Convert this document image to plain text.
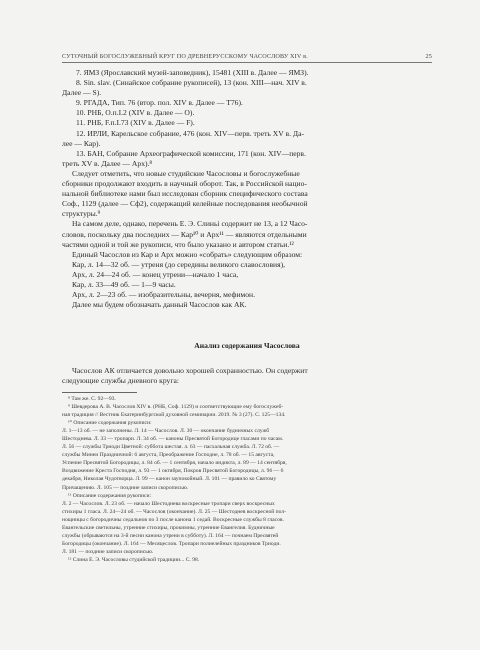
СУТОЧНЫЙ БОГОСЛУЖЕБНЫЙ КРУГ ПО ДРЕВНЕРУССКОМУ ЧАСОСЛОВУ XIV в.	25

7. ЯМЗ (Ярославский музей-заповедник), 15481 (XIII в. Далее — ЯМЗ).

8. Sin. slav. (Синайское собрание рукописей), 13 (кон. XIII—нач. XIV в.

Далее — S).

9. РГАДА, Тип. 76 (втор. пол. XIV в. Далее — Т76).

10. РНБ, О.п.I.2 (XIV в. Далее — О).

11. РНБ, F.п.I.73 (XIV в. Далее — F).

12. ИРЛИ, Карельское собрание, 476 (кон. XIV—перв. треть XV в. Да-

лее — Кар).

13. БАН, Собрание Археографической комиссии, 171 (кон. XIV—перв.

треть XV в. Далее — Арх).⁸

Следует отметить, что новые студийские Часословы и богослужебные

сборники продолжают входить в научный оборот. Так, в Российской нацио-

нальной библиотеке нами был исследован сборник специфического состава

Соф., 1129 (далее — Сф2), содержащий келейные последования необычной

структуры.⁹

На самом деле, однако, перечень Е. Э. Слиньi содержит не 13, а 12 Часо-

словов, поскольку два последних — Кар¹⁰ и Арх¹¹ — являются отдельными

частями одной и той же рукописи, что было указано и автором статьи.¹²

Единый Часослов из Кар и Арх можно «собрать» следующим образом:

Кар, л. 14—32 об. — утреня (до середины великого славословия),

Арх, л. 24—24 об. — конец утрени—начало 1 часа,

Кар, л. 33—49 об. — 1—9 часы.

Арх, л. 2—23 об. — изобразительны, вечерня, мефимон.

Далее мы будем обозначать данный Часослов как АК.

Анализ содержания Часослова

Часослов АК отличается довольно хорошей сохранностью. Он содержит

следующие службы дневного круга:

⁸ Там же. С. 92—93.

⁹ Шевдерова А. В. Часослов XIV в. (РНБ, Соф. 1129) и соответствующие ему богослужеб-

ная традиция // Вестник Екатеринбургской духовной семинарии. 2019. № 3 (27). С. 125—134.

¹⁰ Описание содержания рукописи:

Л. 1—13 об. — не заполнены. Л. 14 — Часослов. Л. 30 — окончание будничных служб

Шестоднева. Л. 33 — тропари. Л. 34 об. — каноны Пресвятой Богородице гласами по часам.

Л. 56 — службы Триоди Цветной: суббота шестая. л. 63 — пасхальная служба. Л. 72 об. —

службы Минеи Праздничной: 6 августа, Преображение Господне, л. 78 об. — 15 августа,

Успение Пресвятой Богородицы, л. 84 об. — 1 сентября, начало индикта, л. 89 — 14 сентября,

Воздвижение Креста Господня, л. 93 — 1 октября, Покров Пресвятой Богородицы, л. 96 — 6

декабря, Николая Чудотворца. Л. 99 — канон заупокойный. Л. 101 — правило ко Святому

Причащению. Л. 105 — поздние записи скорописью.

¹¹ Описание содержания рукописи:

Л. 2 — Часослов. Л. 23 об. — начало Шестоднева воскресные тропари сверх воскресных

стихиры 1 гласа. Л. 24—24 об. — Часослов (окончание). Л. 25 — Шестоднев воскресной пол-

нощницы с богородичны седальнов по 3 после канона 1 седай. Воскресные службы 8 гласов.

Евангельские светильны, утренние стихиры, прокимны, утренние Евангелия. Будничные

службы (обрываются на 3-й песни канона утрени в субботу). Л. 164 — почнаем Пресвятей

Богородицы (окончание). Л. 164 — Месяцеслов. Тропари полиелейных праздников Триоди.

Л. 181 — поздние записи скорописью.

¹² Слина Е. Э. Часословы студийской традиции... С. 98.
